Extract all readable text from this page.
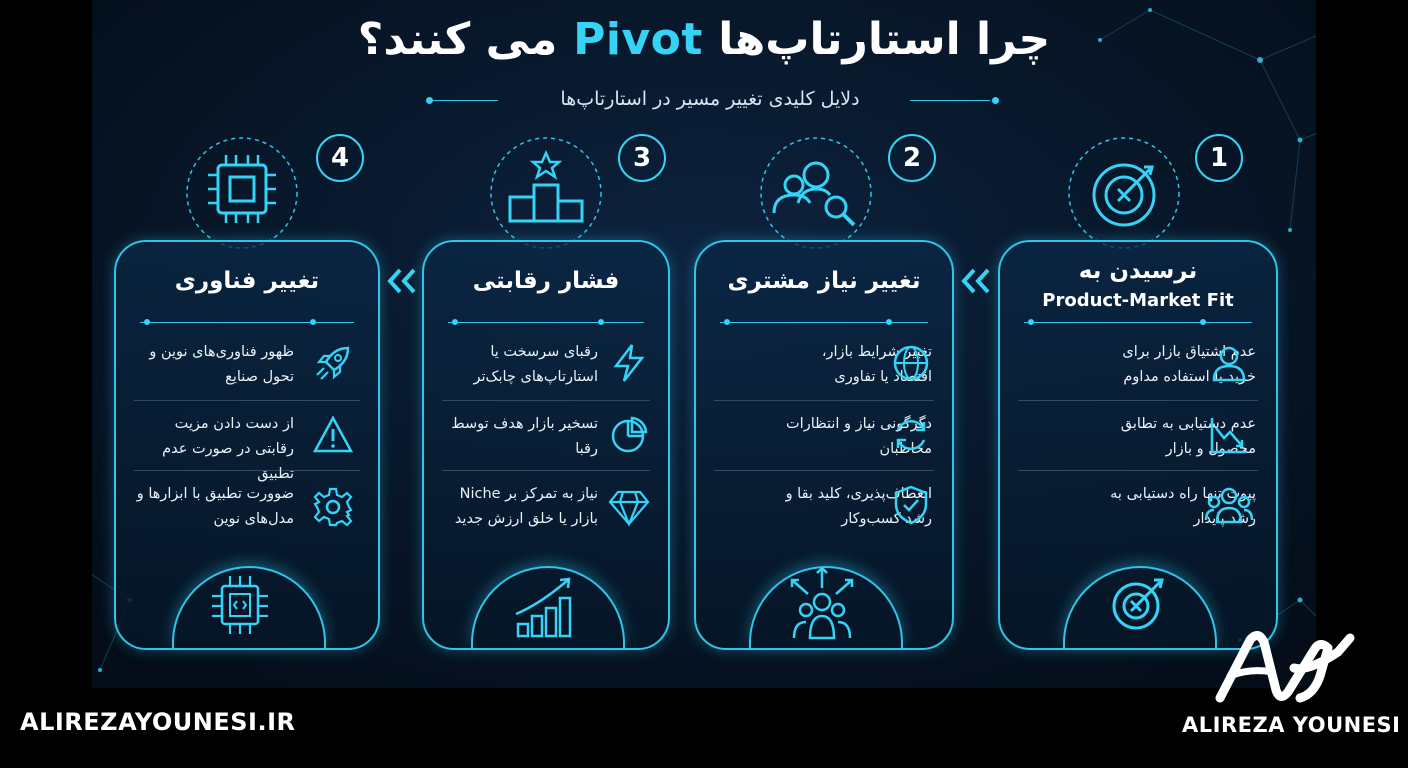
چرا استارتاپ‌ها Pivot می کنند؟
دلایل کلیدی تغییر مسیر در استارتاپ‌ها
1
2
3
4
نرسیدن به
Product-Market Fit
عدم اشتیاق بازار برای خرید یا استفاده مداوم
عدم دستیابی به تطابق محصول و بازار
پیوت تنها راه دستیابی به رشد پایدار
تغییر نیاز مشتری
تغییر شرایط بازار، اقتصاد یا تفاوری
دگرگونی نیاز و انتظارات مخاطبان
انعطاف‌پذیری، کلید بقا و رشد کسب‌وکار
فشار رقابتی
رقبای سرسخت یا استارتاپ‌های چابک‌تر
تسخیر بازار هدف توسط رقبا
نیاز به تمرکز بر Niche بازار یا خلق ارزش جدید
تغییر فناوری
ظهور فناوری‌های نوین و تحول صنایع
از دست دادن مزیت رقابتی در صورت عدم تطبیق
ضوورت تطبیق با ابزارها و مدل‌های نوین
ALIREZAYOUNESI.IR	ALIREZA YOUNESI
